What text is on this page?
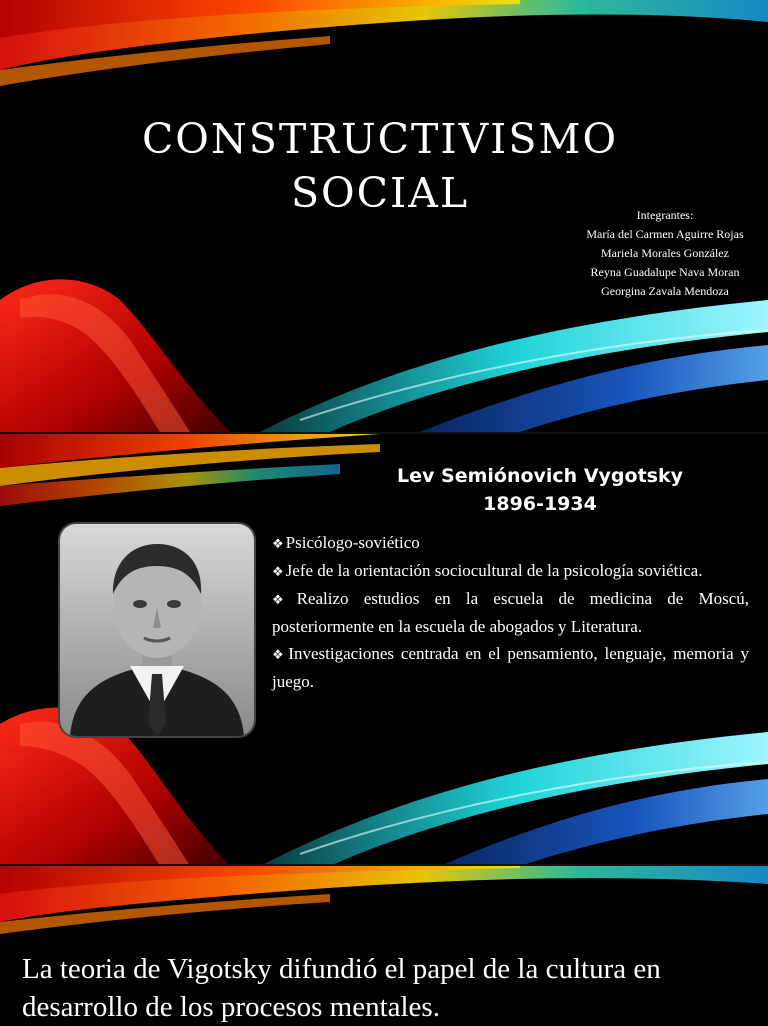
CONSTRUCTIVISMO
SOCIAL	Integrantes:
María del Carmen Aguirre Rojas
Mariela Morales González
Reyna Guadalupe Nava Moran
Georgina Zavala Mendoza
Lev Semiónovich Vygotsky
1896-1934
❖ Psicólogo-soviético
❖ Jefe de la orientación sociocultural de la psicología soviética.
❖ Realizo estudios en la escuela de medicina de Moscú, posteriormente en la escuela de abogados y Literatura.
❖ Investigaciones centrada en el pensamiento, lenguaje, memoria y juego.
La teoria de Vigotsky difundió el papel de la cultura en desarrollo de los procesos mentales.
